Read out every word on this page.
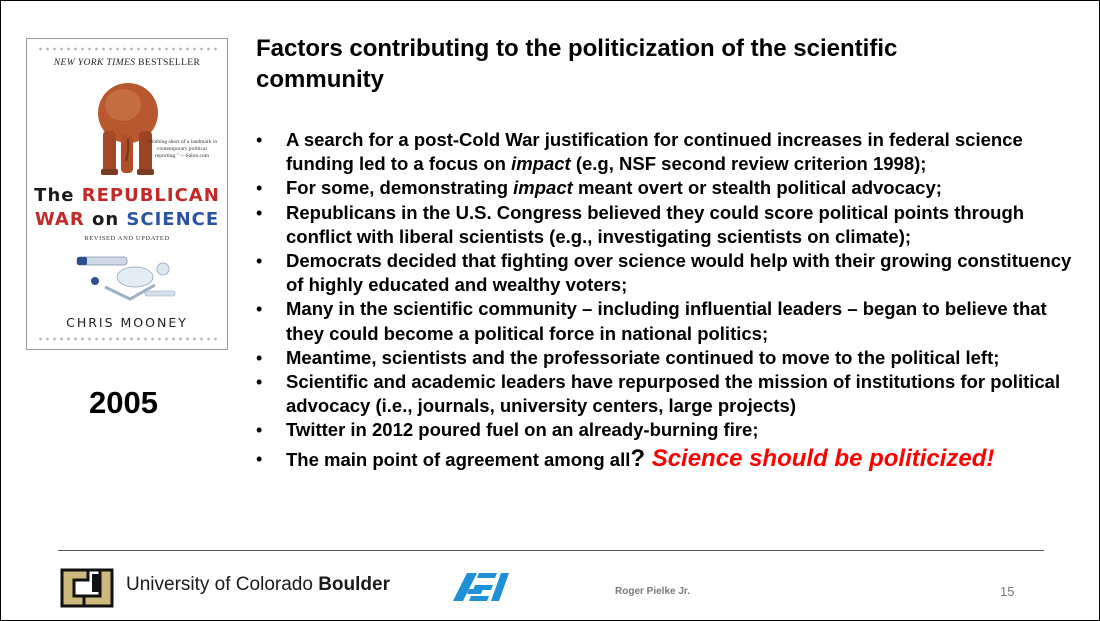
NEW YORK TIMES BESTSELLER
"Nothing short of a landmark in contemporary political reporting." —Salon.com
The REPUBLICAN
WAR on SCIENCE
REVISED AND UPDATED
CHRIS MOONEY
2005
Factors contributing to the politicization of the scientific community
• A search for a post-Cold War justification for continued increases in federal science funding led to a focus on impact (e.g, NSF second review criterion 1998);
• For some, demonstrating impact meant overt or stealth political advocacy;
• Republicans in the U.S. Congress believed they could score political points through conflict with liberal scientists (e.g., investigating scientists on climate);
• Democrats decided that fighting over science would help with their growing constituency of highly educated and wealthy voters;
• Many in the scientific community – including influential leaders – began to believe that they could become a political force in national politics;
• Meantime, scientists and the professoriate continued to move to the political left;
• Scientific and academic leaders have repurposed the mission of institutions for political advocacy (i.e., journals, university centers, large projects)
• Twitter in 2012 poured fuel on an already-burning fire;
• The main point of agreement among all? Science should be politicized!
University of Colorado Boulder	Roger Pielke Jr.	15
